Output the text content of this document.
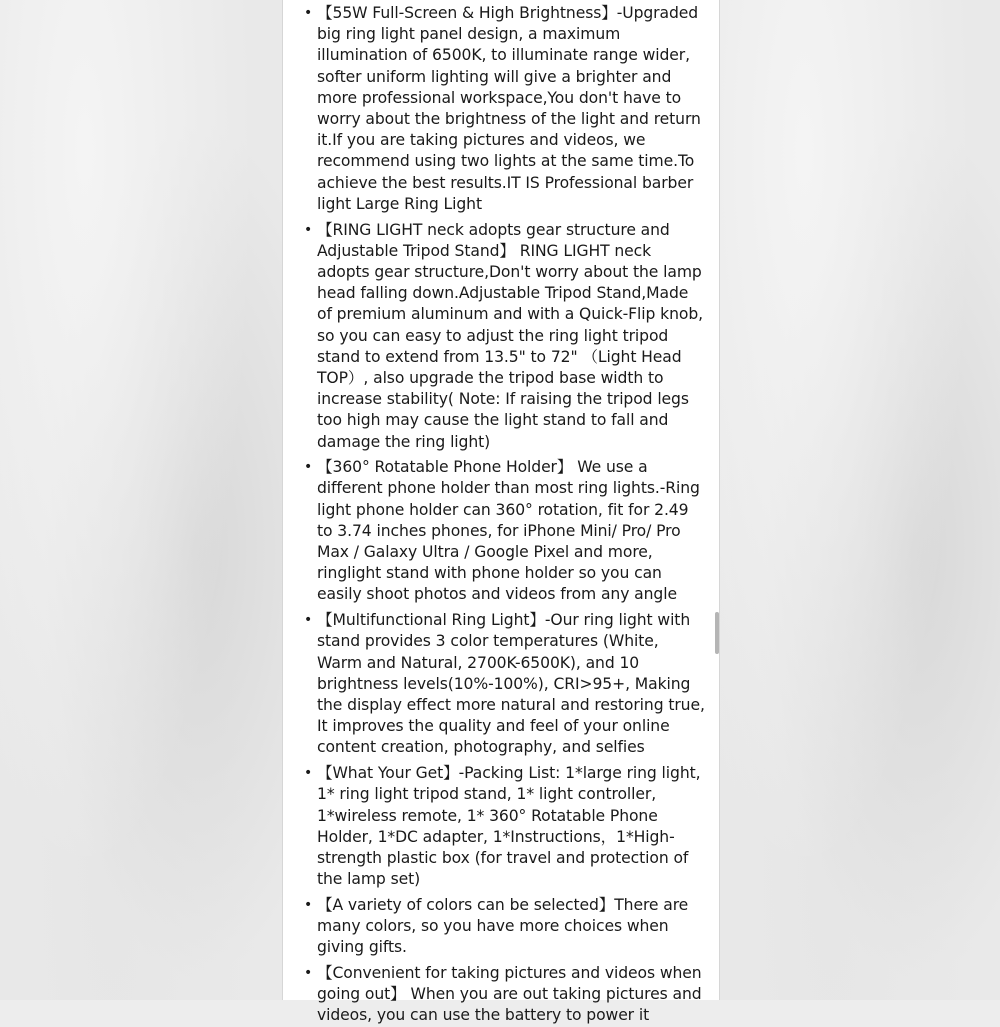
• 【55W Full-Screen & High Brightness】-Upgraded big ring light panel design, a maximum illumination of 6500K, to illuminate range wider, softer uniform lighting will give a brighter and more professional workspace,You don't have to worry about the brightness of the light and return it.If you are taking pictures and videos, we recommend using two lights at the same time.To achieve the best results.IT IS Professional barber light Large Ring Light
• 【RING LIGHT neck adopts gear structure and Adjustable Tripod Stand】 RING LIGHT neck adopts gear structure,Don't worry about the lamp head falling down.Adjustable Tripod Stand,Made of premium aluminum and with a Quick-Flip knob, so you can easy to adjust the ring light tripod stand to extend from 13.5" to 72" （Light Head TOP）, also upgrade the tripod base width to increase stability( Note: If raising the tripod legs too high may cause the light stand to fall and damage the ring light)
• 【360° Rotatable Phone Holder】 We use a different phone holder than most ring lights.-Ring light phone holder can 360° rotation, fit for 2.49 to 3.74 inches phones, for iPhone Mini/ Pro/ Pro Max / Galaxy Ultra / Google Pixel and more, ringlight stand with phone holder so you can easily shoot photos and videos from any angle
• 【Multifunctional Ring Light】-Our ring light with stand provides 3 color temperatures (White, Warm and Natural, 2700K-6500K), and 10 brightness levels(10%-100%), CRI>95+, Making the display effect more natural and restoring true, It improves the quality and feel of your online content creation, photography, and selfies
• 【What Your Get】-Packing List: 1*large ring light, 1* ring light tripod stand, 1* light controller, 1*wireless remote, 1* 360° Rotatable Phone Holder, 1*DC adapter, 1*Instructions，1*High-strength plastic box (for travel and protection of the lamp set)
• 【A variety of colors can be selected】There are many colors, so you have more choices when giving gifts.
• 【Convenient for taking pictures and videos when going out】 When you are out taking pictures and videos, you can use the battery to power it
